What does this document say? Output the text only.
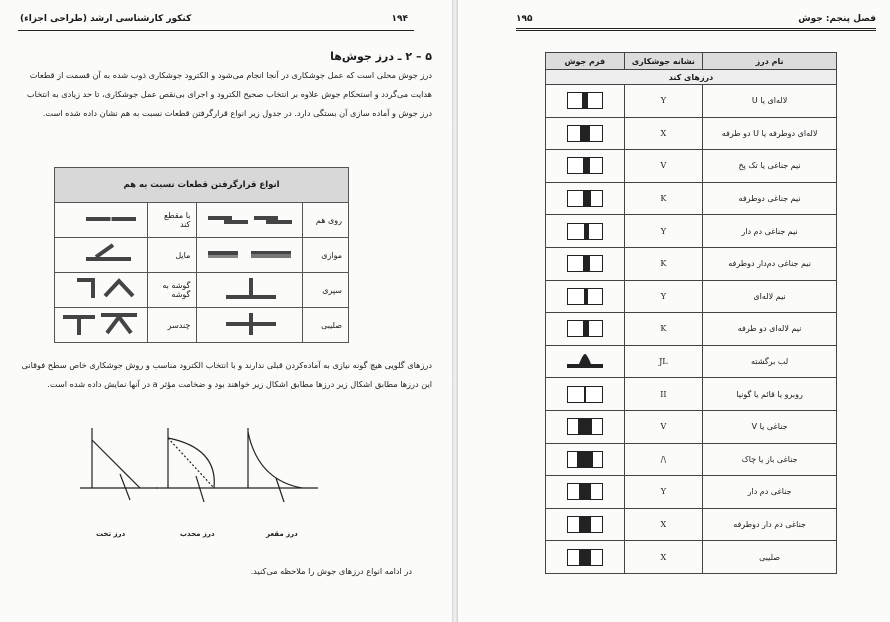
کنکور کارشناسی ارشد (طراحی اجزاء)	۱۹۴
۵ – ۲ ـ درز جوش‌ها
درز جوش محلی است که عمل جوشکاری در آنجا انجام می‌شود و الکترود جوشکاری ذوب شده به آن قسمت از قطعات هدایت می‌گردد و استحکام جوش علاوه بر انتخاب صحیح الکترود و اجرای بی‌نقص عمل جوشکاری، تا حد زیادی به انتخاب درز جوش و آماده سازی آن بستگی دارد. در جدول زیر انواع قرارگرفتن قطعات نسبت به هم نشان داده شده است.
انواع قرارگرفتن قطعات نسبت به هم			
روی هم		با مقطع کند	
موازی		مایل	
سپری		گوشه به گوشه	
صلیبی		چندسر	
درزهای گلویی هیچ گونه نیازی به آماده‌کردن قبلی ندارند و با انتخاب الکترود مناسب و روش جوشکاری خاص سطح فوقانی این درزها مطابق اشکال زیر درزها مطابق اشکال زیر خواهند بود و ضخامت مؤثر a در آنها نمایش داده شده است.
درز تخت	درز محدب	درز مقعر
در ادامه انواع درزهای جوش را ملاحظه می‌کنید.
۱۹۵	فصل پنجم: جوش
نام درز	نشانه جوشکاری	فرم جوش
درزهای کند		
لاله‌ای یا U	Y	

لاله‌ای دوطرفه یا U دو طرفه	X	

نیم جناغی یا تک پخ	V	

نیم جناغی دوطرفه	K	

نیم جناغی دم دار	Y	

نیم جناغی دم‌دار دوطرفه	K	

نیم لاله‌ای	Y	

نیم لاله‌ای دو طرفه	K	

لب برگشته	JL	
روبرو یا قائم یا گونیا	II	

جناغی یا V	V	

جناغی باز یا چاک	\/	

جناغی دم دار	Y	

جناغی دم دار دوطرفه	X	

صلیبی	X	
